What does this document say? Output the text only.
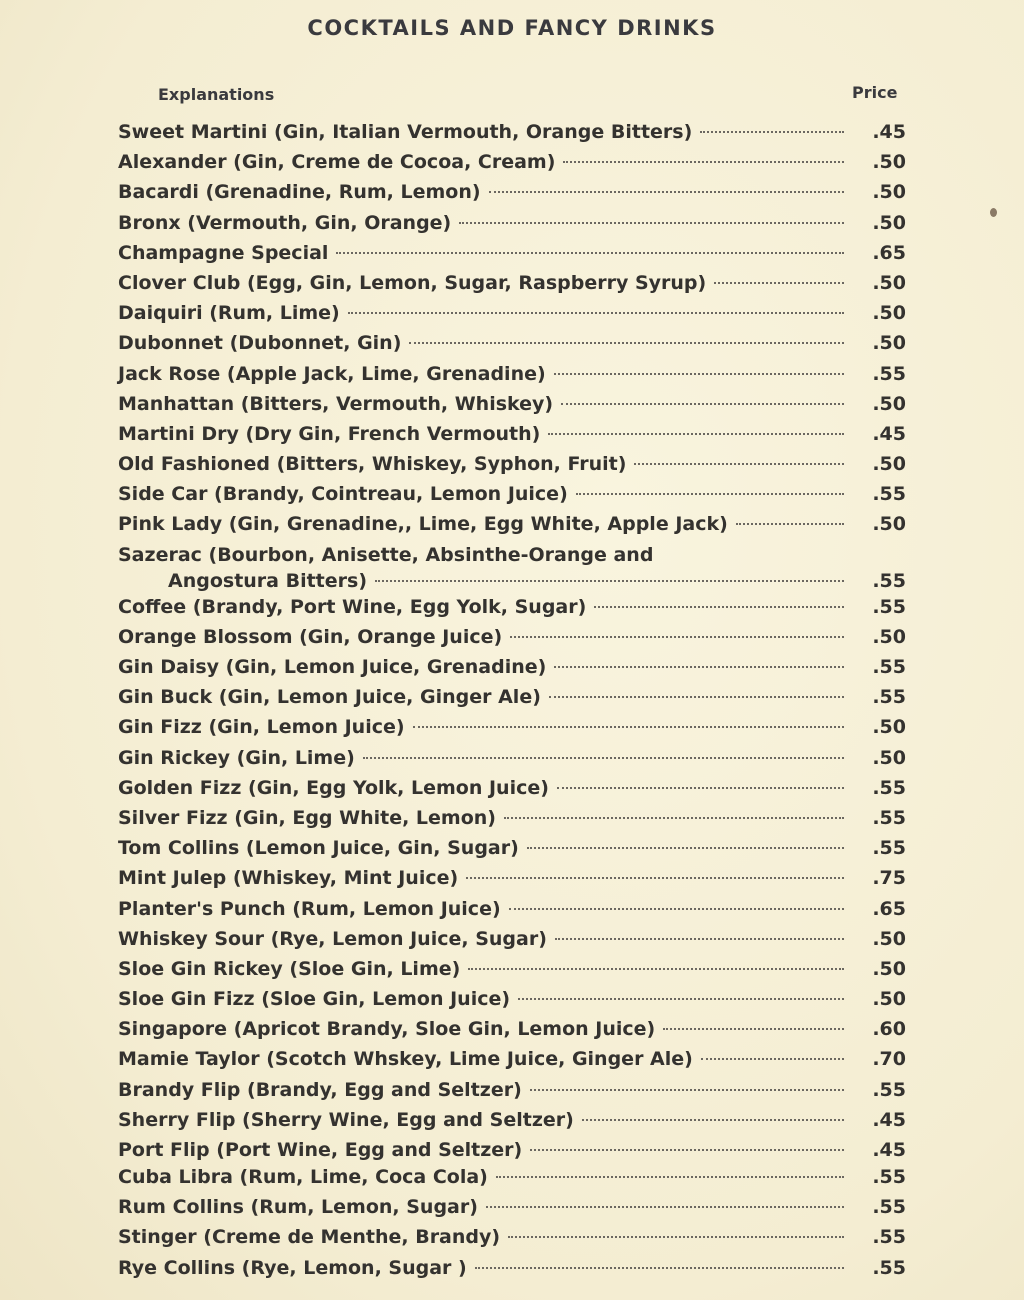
COCKTAILS AND FANCY DRINKS
Explanations	Price
Sweet Martini (Gin, Italian Vermouth, Orange Bitters)	.45
Alexander (Gin, Creme de Cocoa, Cream)	.50
Bacardi (Grenadine, Rum, Lemon)	.50
Bronx (Vermouth, Gin, Orange)	.50
Champagne Special	.65
Clover Club (Egg, Gin, Lemon, Sugar, Raspberry Syrup)	.50
Daiquiri (Rum, Lime)	.50
Dubonnet (Dubonnet, Gin)	.50
Jack Rose (Apple Jack, Lime, Grenadine)	.55
Manhattan (Bitters, Vermouth, Whiskey)	.50
Martini Dry (Dry Gin, French Vermouth)	.45
Old Fashioned (Bitters, Whiskey, Syphon, Fruit)	.50
Side Car (Brandy, Cointreau, Lemon Juice)	.55
Pink Lady (Gin, Grenadine,, Lime, Egg White, Apple Jack)	.50
Sazerac (Bourbon, Anisette, Absinthe-Orange and
Angostura Bitters)	.55
Coffee (Brandy, Port Wine, Egg Yolk, Sugar)	.55
Orange Blossom (Gin, Orange Juice)	.50
Gin Daisy (Gin, Lemon Juice, Grenadine)	.55
Gin Buck (Gin, Lemon Juice, Ginger Ale)	.55
Gin Fizz (Gin, Lemon Juice)	.50
Gin Rickey (Gin, Lime)	.50
Golden Fizz (Gin, Egg Yolk, Lemon Juice)	.55
Silver Fizz (Gin, Egg White, Lemon)	.55
Tom Collins (Lemon Juice, Gin, Sugar)	.55
Mint Julep (Whiskey, Mint Juice)	.75
Planter's Punch (Rum, Lemon Juice)	.65
Whiskey Sour (Rye, Lemon Juice, Sugar)	.50
Sloe Gin Rickey (Sloe Gin, Lime)	.50
Sloe Gin Fizz (Sloe Gin, Lemon Juice)	.50
Singapore (Apricot Brandy, Sloe Gin, Lemon Juice)	.60
Mamie Taylor (Scotch Whskey, Lime Juice, Ginger Ale)	.70
Brandy Flip (Brandy, Egg and Seltzer)	.55
Sherry Flip (Sherry Wine, Egg and Seltzer)	.45
Port Flip (Port Wine, Egg and Seltzer)	.45
Cuba Libra (Rum, Lime, Coca Cola)	.55
Rum Collins (Rum, Lemon, Sugar)	.55
Stinger (Creme de Menthe, Brandy)	.55
Rye Collins (Rye, Lemon, Sugar )	.55
